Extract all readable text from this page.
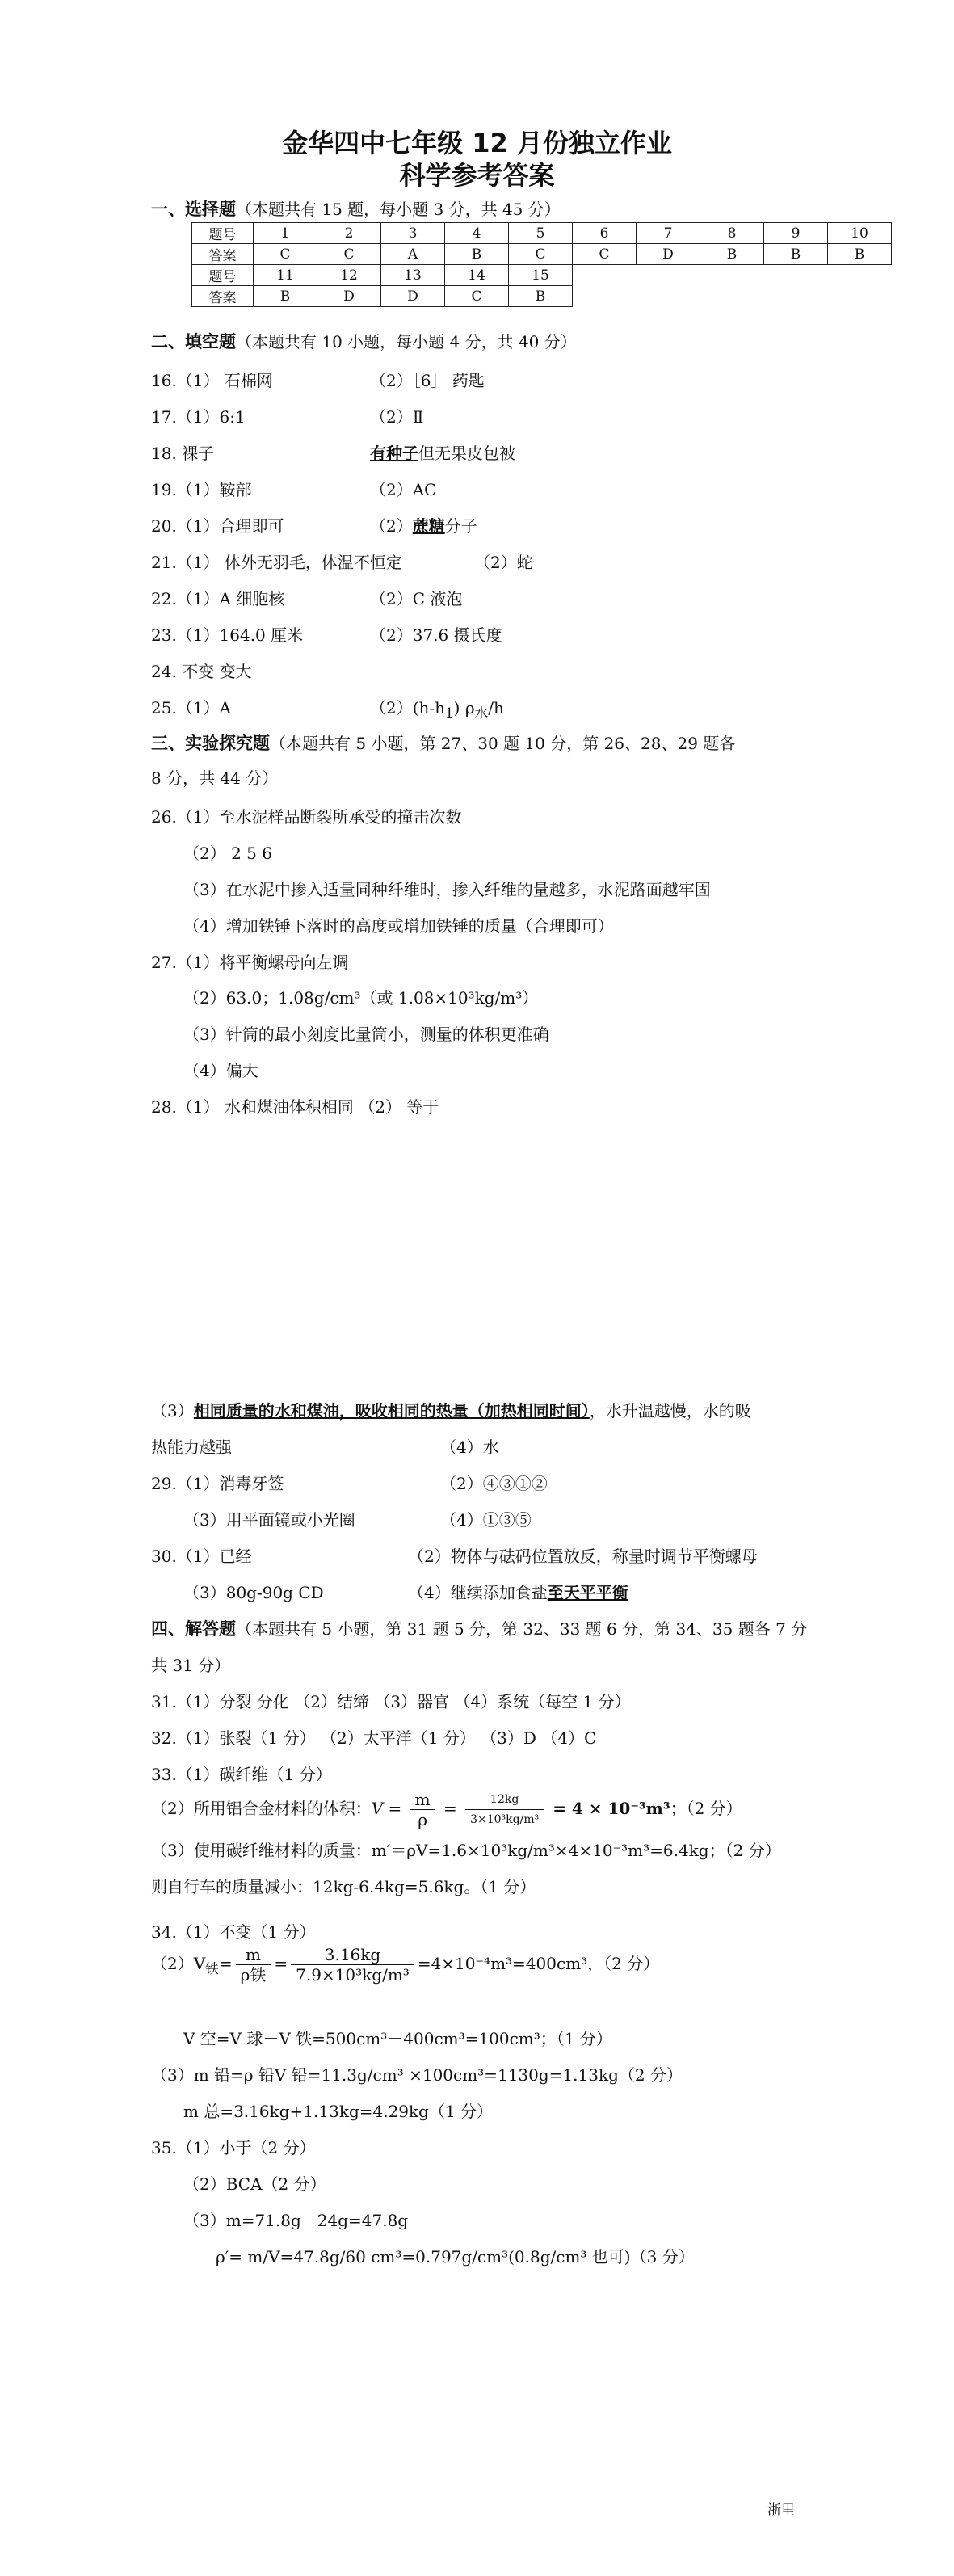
金华四中七年级 12 月份独立作业
科学参考答案
一、选择题（本题共有 15 题，每小题 3 分，共 45 分）
题号	1	2	3	4	5	6	7	8	9	10
答案	C	C	A	B	C	C	D	B	B	B
题号	11	12	13	14	15					
答案	B	D	D	C	B					
二、填空题（本题共有 10 小题，每小题 4 分，共 40 分）
16.（1） 石棉网	（2）［6］ 药匙
17.（1）6:1	（2）Ⅱ
18. 裸子	有种子但无果皮包被
19.（1）鞍部	（2）AC
20.（1）合理即可	（2）蔗糖分子
21.（1） 体外无羽毛，体温不恒定	（2）蛇
22.（1）A 细胞核	（2）C 液泡
23.（1）164.0 厘米	（2）37.6 摄氏度
24. 不变 变大
25.（1）A	$(2)(h-h_1)$ $\rho_水/h$
三、实验探究题（本题共有 5 小题，第 27、30 题 10 分，第 26、28、29 题各
8 分，共 44 分）
26.（1）至水泥样品断裂所承受的撞击次数
（2） 2 5 6
（3）在水泥中掺入适量同种纤维时，掺入纤维的量越多，水泥路面越牢固
（4）增加铁锤下落时的高度或增加铁锤的质量（合理即可）
27.（1）将平衡螺母向左调
（2）63.0；1.08g/cm³（或 1.08×10³kg/m³）
（3）针筒的最小刻度比量筒小，测量的体积更准确
（4）偏大
28.（1） 水和煤油体积相同 （2） 等于
（3）相同质量的水和煤油，吸收相同的热量（加热相同时间），水升温越慢，水的吸
热能力越强	（4）水
29.（1）消毒牙签	（2）④③①②
（3）用平面镜或小光圈	（4）①③⑤
30.（1）已经	（2）物体与砝码位置放反，称量时调节平衡螺母
（3）80g-90g CD	（4）继续添加食盐至天平平衡
四、解答题（本题共有 5 小题，第 31 题 5 分，第 32、33 题 6 分，第 34、35 题各 7 分
共 31 分）
31.（1）分裂 分化 （2）结缔 （3）器官 （4）系统（每空 1 分）
32.（1）张裂（1 分） （2）太平洋（1 分） （3）D （4）C
33.（1）碳纤维（1 分）
（2）所用铝合金材料的体积：$V = \frac{m}{\rho} = \frac{12kg}{\text{3×10³kg/m³}} = 4 \times 10^{-3}m^3$；（2 分）
（3）使用碳纤维材料的质量：m′＝ρV=1.6×10³kg/m³×4×10⁻³m³=6.4kg；（2 分）
则自行车的质量减小：12kg-6.4kg=5.6kg。（1 分）
34.（1）不变（1 分）
$(2)V_铁= \frac{m}{\text{ρ铁}} = \frac{3.16kg}{\text{7.9×10³kg/m³}} =4\times 10^{-4}m^3=400cm^3$，（2 分）
V 空=V 球－V 铁=500cm³－400cm³=100cm³；（1 分）
（3）m 铅=ρ 铅V 铅=11.3g/cm³ ×100cm³=1130g=1.13kg（2 分）
m 总=3.16kg+1.13kg=4.29kg（1 分）
35.（1）小于（2 分）
（2）BCA（2 分）
（3）m=71.8g－24g=47.8g
ρ′= m/V=47.8g/60 cm³=0.797g/cm³(0.8g/cm³ 也可)（3 分）
浙里
